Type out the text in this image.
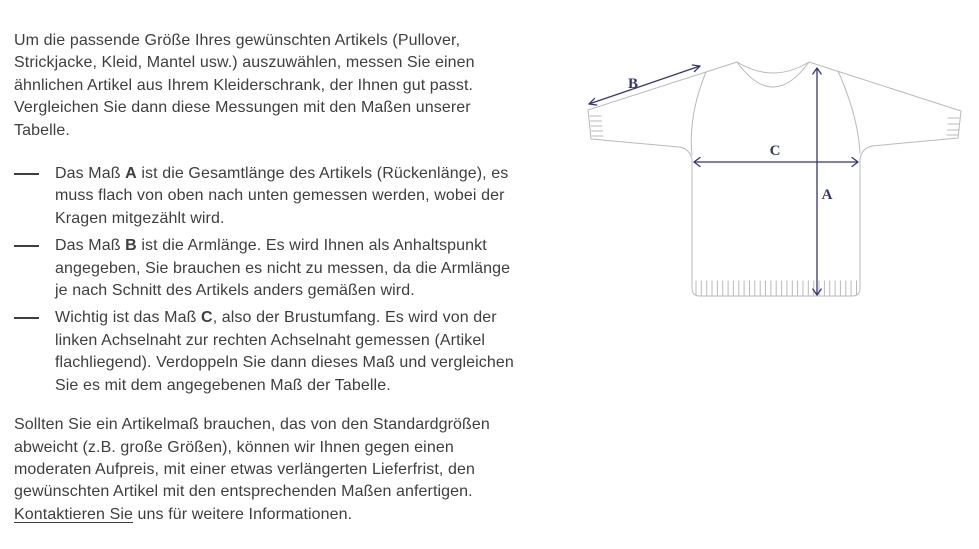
Um die passende Größe Ihres gewünschten Artikels (Pullover, Strickjacke, Kleid, Mantel usw.) auszuwählen, messen Sie einen ähnlichen Artikel aus Ihrem Kleiderschrank, der Ihnen gut passt. Vergleichen Sie dann diese Messungen mit den Maßen unserer Tabelle.

Das Maß A ist die Gesamtlänge des Artikels (Rückenlänge), es muss flach von oben nach unten gemessen werden, wobei der Kragen mitgezählt wird.
Das Maß B ist die Armlänge. Es wird Ihnen als Anhaltspunkt angegeben, Sie brauchen es nicht zu messen, da die Armlänge je nach Schnitt des Artikels anders gemäßen wird.
Wichtig ist das Maß C, also der Brustumfang. Es wird von der linken Achselnaht zur rechten Achselnaht gemessen (Artikel flachliegend). Verdoppeln Sie dann dieses Maß und vergleichen Sie es mit dem angegebenen Maß der Tabelle.

Sollten Sie ein Artikelmaß brauchen, das von den Standardgrößen abweicht (z.B. große Größen), können wir Ihnen gegen einen moderaten Aufpreis, mit einer etwas verlängerten Lieferfrist, den gewünschten Artikel mit den entsprechenden Maßen anfertigen. Kontaktieren Sie uns für weitere Informationen.

B
C
A
